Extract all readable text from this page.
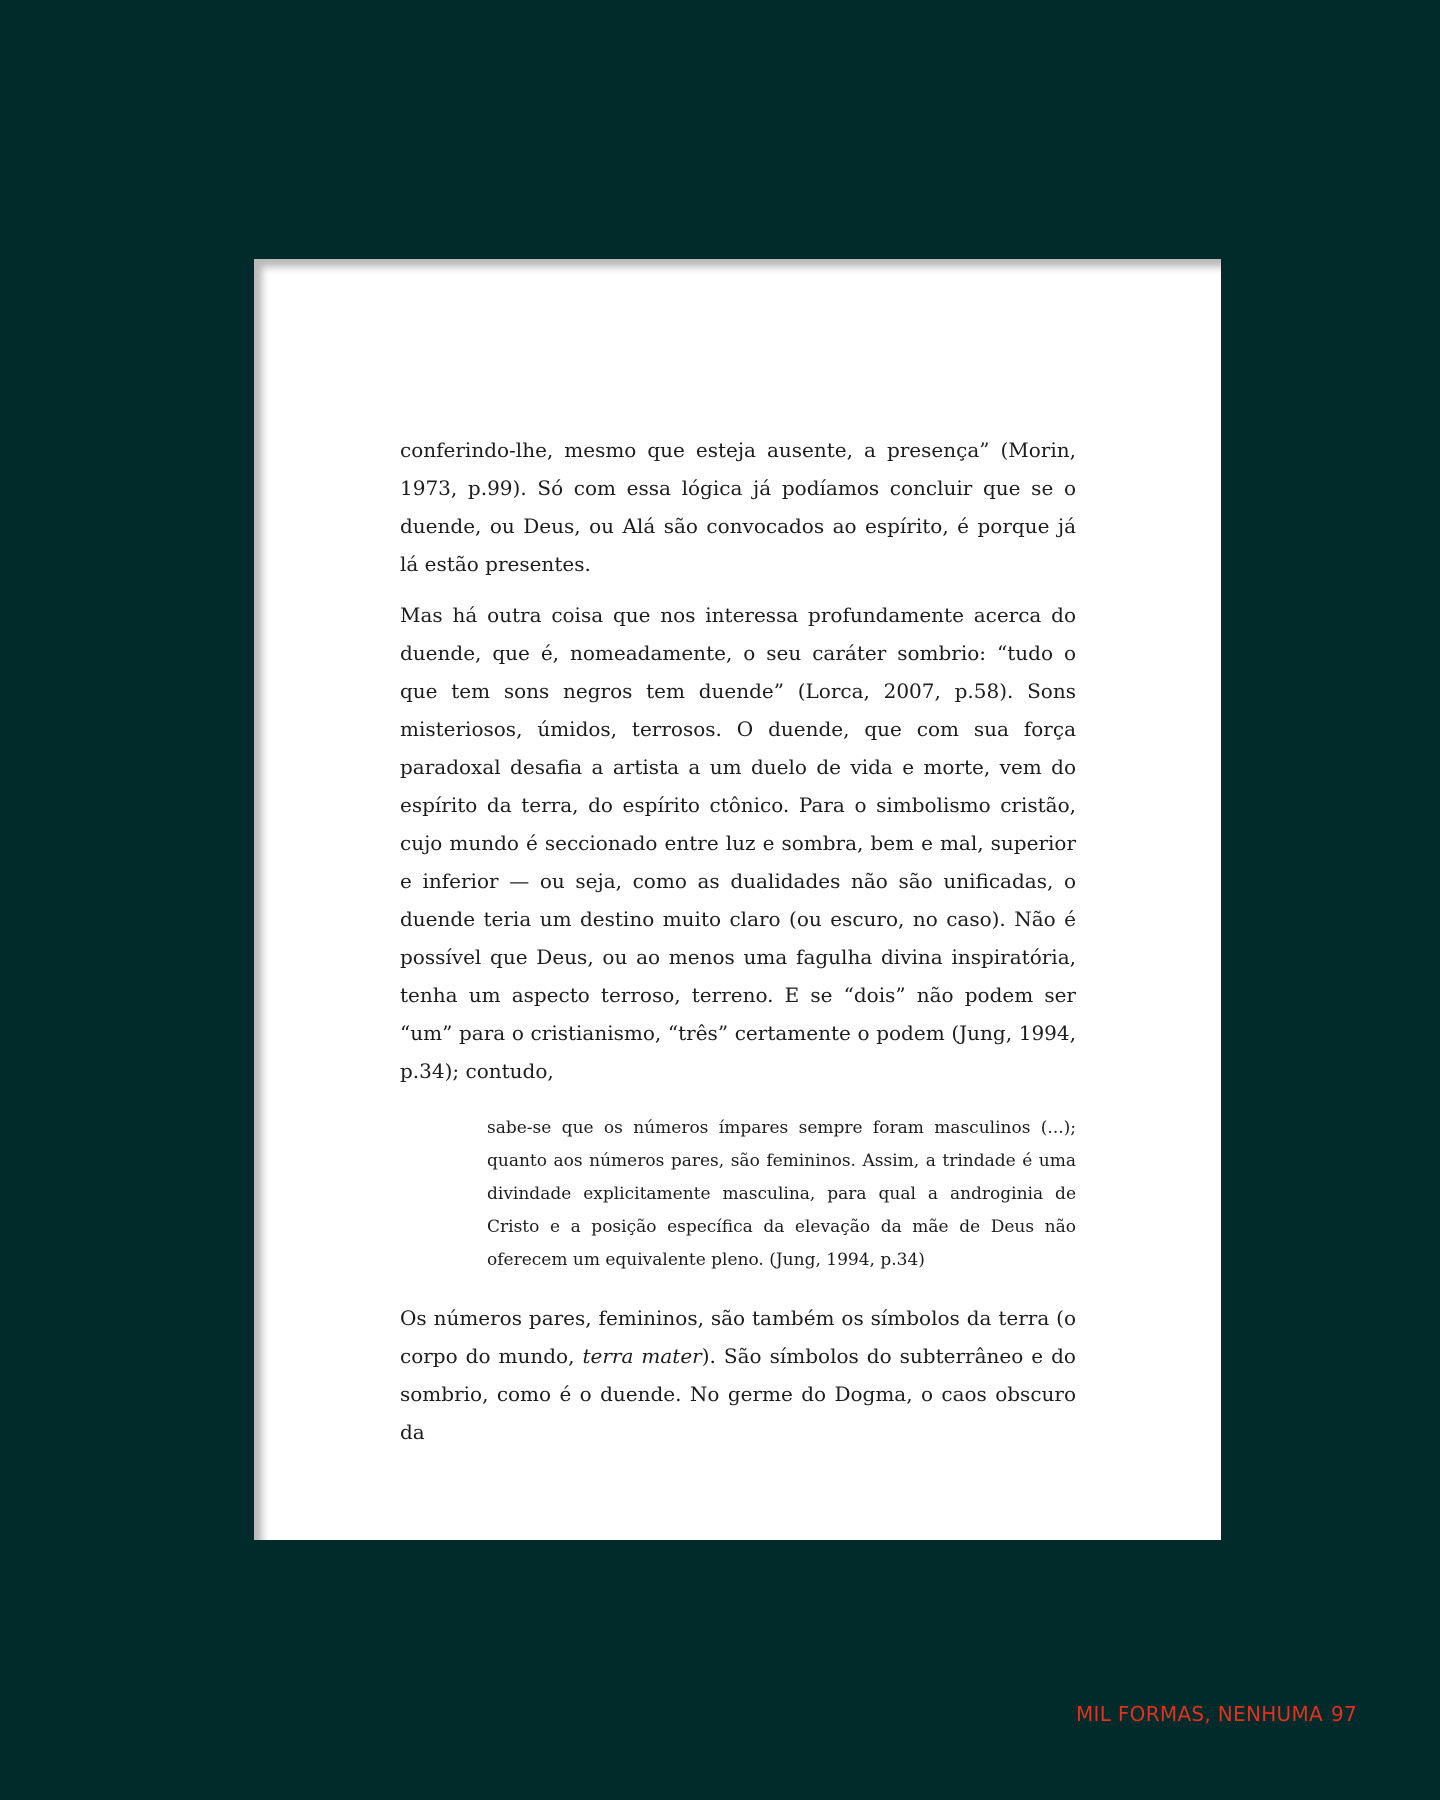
conferindo-lhe, mesmo que esteja ausente, a presença” (Morin, 1973, p.99). Só com essa lógica já podíamos concluir que se o duende, ou Deus, ou Alá são convocados ao espírito, é porque já lá estão presentes.

Mas há outra coisa que nos interessa profundamente acerca do duende, que é, nomeadamente, o seu caráter sombrio: “tudo o que tem sons negros tem duende” (Lorca, 2007, p.58). Sons misteriosos, úmidos, terrosos. O duende, que com sua força paradoxal desafia a artista a um duelo de vida e morte, vem do espírito da terra, do espírito ctônico. Para o simbolismo cristão, cujo mundo é seccionado entre luz e sombra, bem e mal, superior e inferior — ou seja, como as dualidades não são unificadas, o duende teria um destino muito claro (ou escuro, no caso). Não é possível que Deus, ou ao menos uma fagulha divina inspiratória, tenha um aspecto terroso, terreno. E se “dois” não podem ser “um” para o cristianismo, “três” certamente o podem (Jung, 1994, p.34); contudo,

sabe-se que os números ímpares sempre foram masculinos (...); quanto aos números pares, são femininos. Assim, a trindade é uma divindade explicitamente masculina, para qual a androginia de Cristo e a posição específica da elevação da mãe de Deus não oferecem um equivalente pleno. (Jung, 1994, p.34)

Os números pares, femininos, são também os símbolos da terra (o corpo do mundo, terra mater). São símbolos do subterrâneo e do sombrio, como é o duende. No germe do Dogma, o caos obscuro da

MIL FORMAS, NENHUMA 97
